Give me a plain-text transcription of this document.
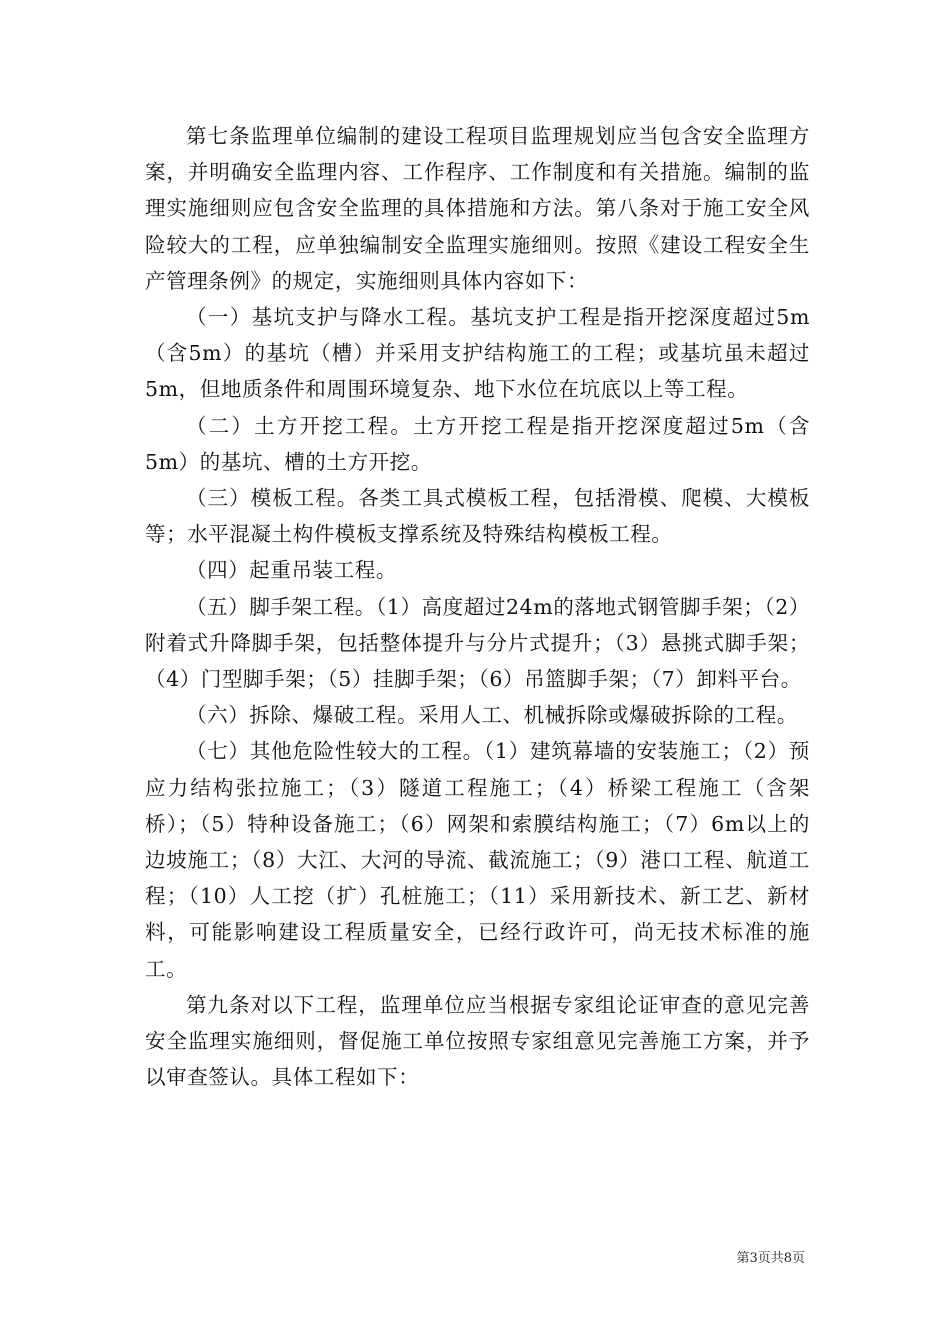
第七条监理单位编制的建设工程项目监理规划应当包含安全监理方案，并明确安全监理内容、工作程序、工作制度和有关措施。编制的监理实施细则应包含安全监理的具体措施和方法。第八条对于施工安全风险较大的工程，应单独编制安全监理实施细则。按照《建设工程安全生产管理条例》的规定，实施细则具体内容如下：

（一）基坑支护与降水工程。基坑支护工程是指开挖深度超过5m（含5m）的基坑（槽）并采用支护结构施工的工程；或基坑虽未超过5m，但地质条件和周围环境复杂、地下水位在坑底以上等工程。

（二）土方开挖工程。土方开挖工程是指开挖深度超过5m（含5m）的基坑、槽的土方开挖。

（三）模板工程。各类工具式模板工程，包括滑模、爬模、大模板等；水平混凝土构件模板支撑系统及特殊结构模板工程。

（四）起重吊装工程。

（五）脚手架工程。（1）高度超过24m的落地式钢管脚手架；（2）附着式升降脚手架，包括整体提升与分片式提升；（3）悬挑式脚手架；（4）门型脚手架；（5）挂脚手架；（6）吊篮脚手架；（7）卸料平台。

（六）拆除、爆破工程。采用人工、机械拆除或爆破拆除的工程。

（七）其他危险性较大的工程。（1）建筑幕墙的安装施工；（2）预应力结构张拉施工；（3）隧道工程施工；（4）桥梁工程施工（含架桥）；（5）特种设备施工；（6）网架和索膜结构施工；（7）6m以上的边坡施工；（8）大江、大河的导流、截流施工；（9）港口工程、航道工程；（10）人工挖（扩）孔桩施工；（11）采用新技术、新工艺、新材料，可能影响建设工程质量安全，已经行政许可，尚无技术标准的施工。

第九条对以下工程，监理单位应当根据专家组论证审查的意见完善安全监理实施细则，督促施工单位按照专家组意见完善施工方案，并予以审查签认。具体工程如下：

第3页共8页
